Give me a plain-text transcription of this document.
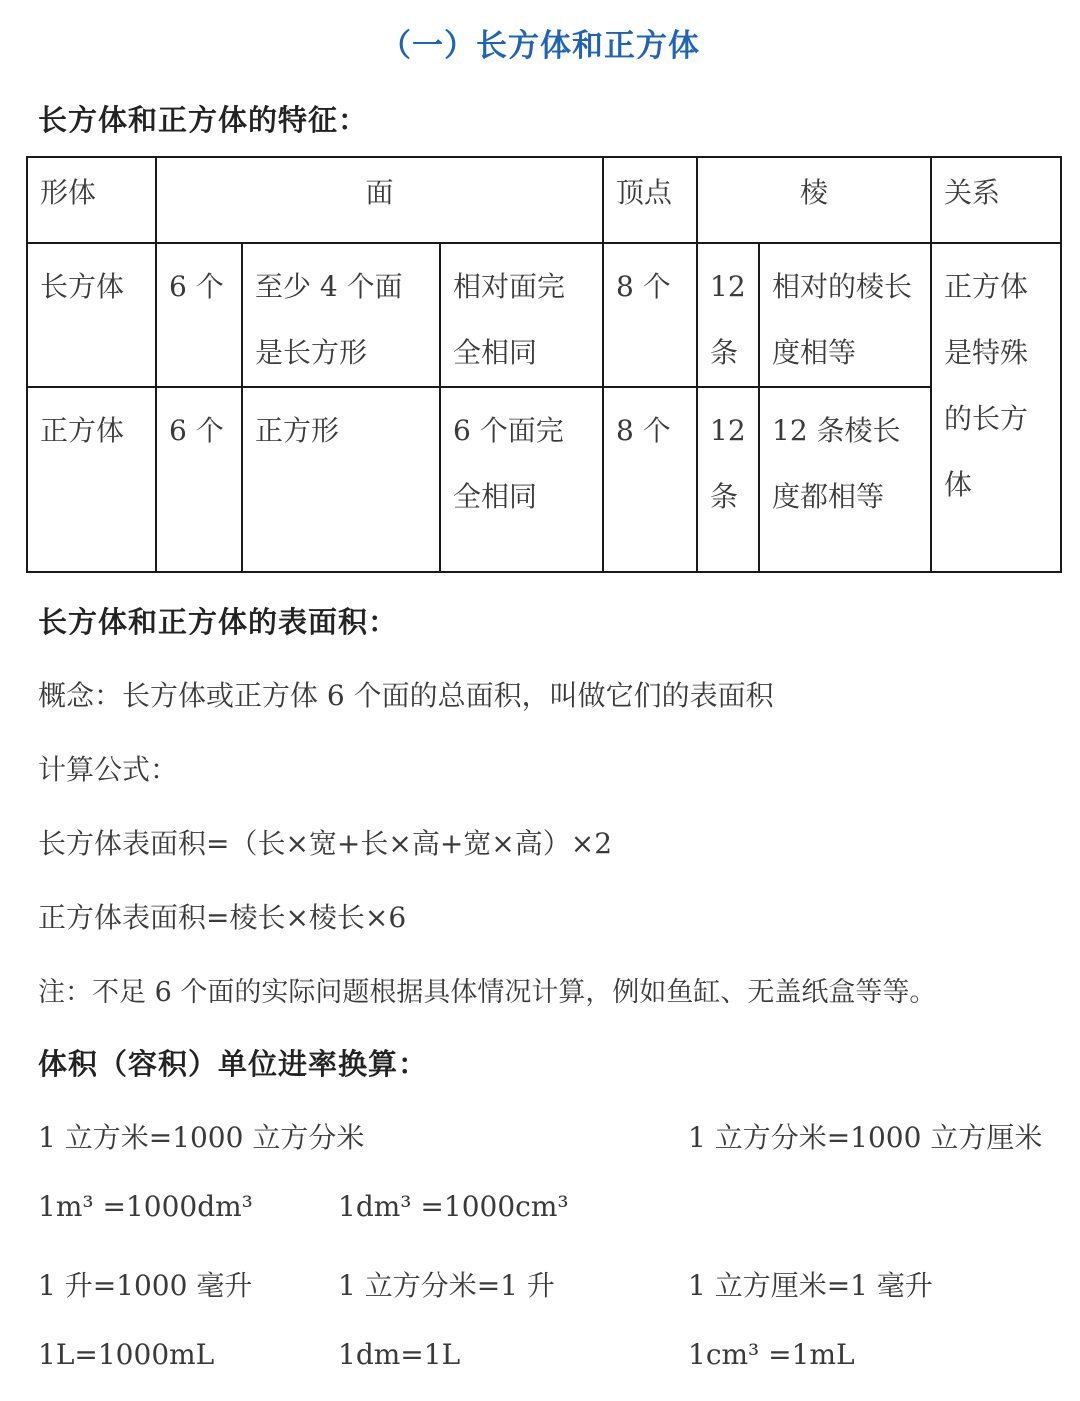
（一）长方体和正方体
长方体和正方体的特征：
形体	面			顶点	棱		关系
长方体	6 个	至少 4 个面是长方形	相对面完全相同	8 个	12 条	相对的棱长度相等	正方体是特殊的长方体
正方体	6 个	正方形	6 个面完全相同	8 个	12 条	12 条棱长度都相等	
长方体和正方体的表面积：
概念：长方体或正方体 6 个面的总面积，叫做它们的表面积
计算公式：
长方体表面积=（长×宽+长×高+宽×高）×2
正方体表面积=棱长×棱长×6
注：不足 6 个面的实际问题根据具体情况计算，例如鱼缸、无盖纸盒等等。
体积（容积）单位进率换算：
1 立方米=1000 立方分米	1 立方分米=1000 立方厘米
1m³ =1000dm³	1dm³ =1000cm³
1 升=1000 毫升	1 立方分米=1 升	1 立方厘米=1 毫升
1L=1000mL	1dm=1L	1cm³ =1mL
